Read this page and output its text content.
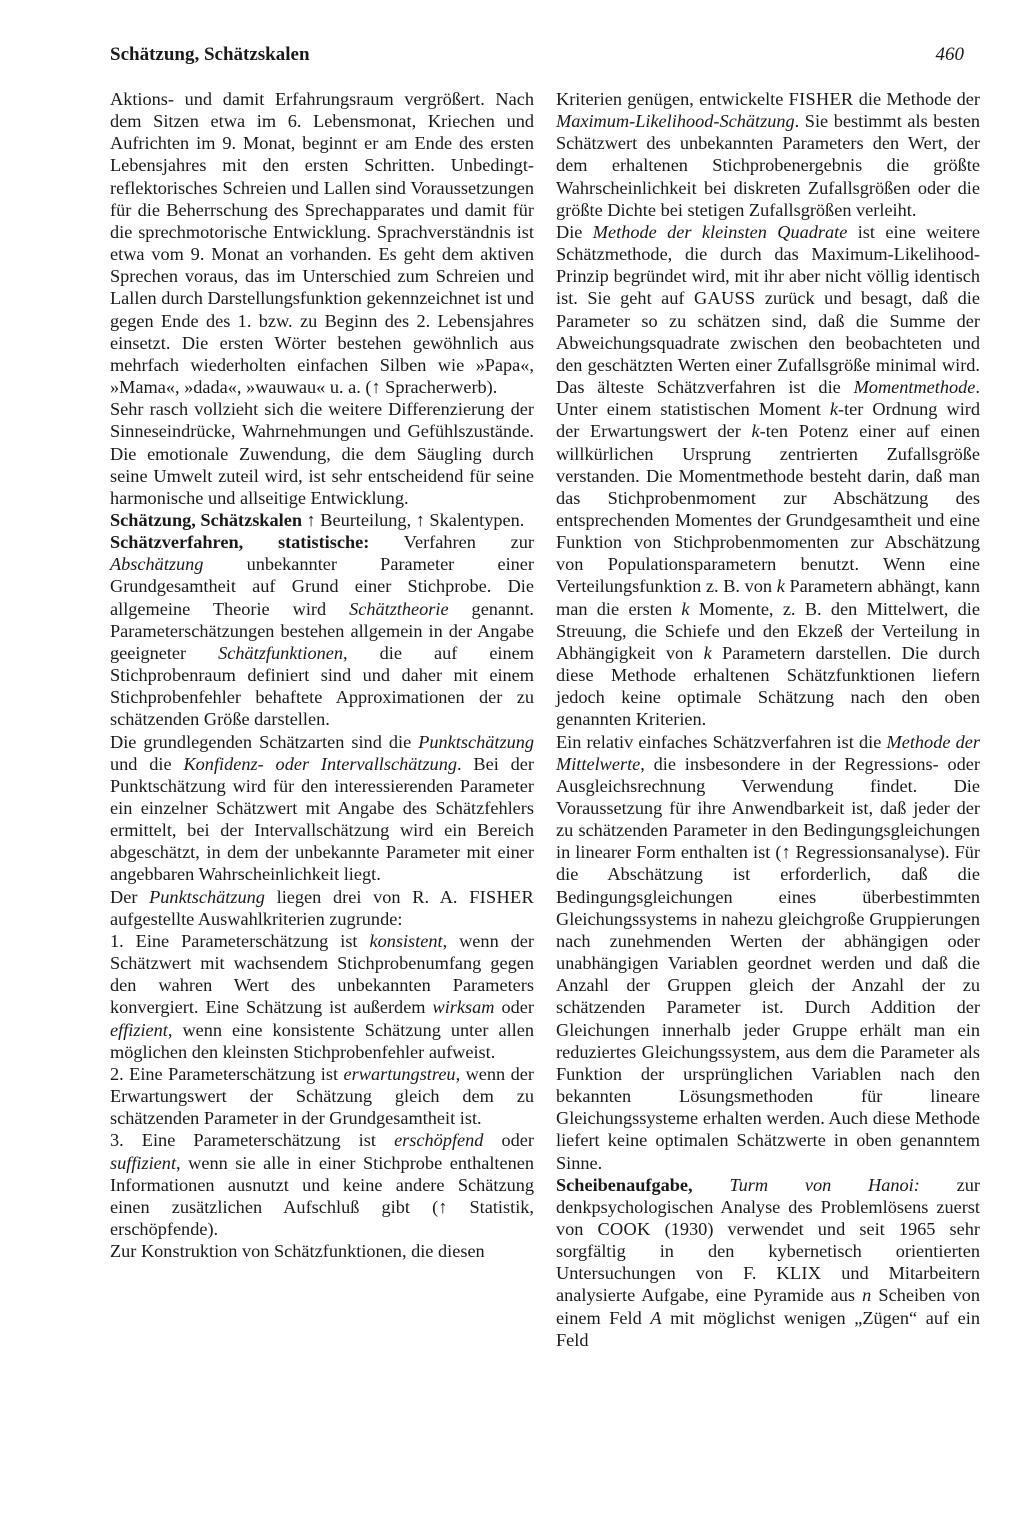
Schätzung, Schätzskalen	460

Aktions- und damit Erfahrungsraum vergrößert. Nach dem Sitzen etwa im 6. Lebensmonat, Kriechen und Aufrichten im 9. Monat, beginnt er am Ende des ersten Lebensjahres mit den ersten Schritten. Unbedingt-reflektorisches Schreien und Lallen sind Voraussetzungen für die Beherrschung des Sprechapparates und damit für die sprechmotorische Entwicklung. Sprachverständnis ist etwa vom 9. Monat an vorhanden. Es geht dem aktiven Sprechen voraus, das im Unterschied zum Schreien und Lallen durch Darstellungsfunktion gekennzeichnet ist und gegen Ende des 1. bzw. zu Beginn des 2. Lebensjahres einsetzt. Die ersten Wörter bestehen gewöhnlich aus mehrfach wiederholten einfachen Silben wie »Papa«, »Mama«, »dada«, »wauwau« u. a. (↑ Spracherwerb).

Sehr rasch vollzieht sich die weitere Differenzierung der Sinneseindrücke, Wahrnehmungen und Gefühlszustände. Die emotionale Zuwendung, die dem Säugling durch seine Umwelt zuteil wird, ist sehr entscheidend für seine harmonische und allseitige Entwicklung.

Schätzung, Schätzskalen ↑ Beurteilung, ↑ Skalentypen.

Schätzverfahren, statistische: Verfahren zur Abschätzung unbekannter Parameter einer Grundgesamtheit auf Grund einer Stichprobe. Die allgemeine Theorie wird Schätztheorie genannt. Parameterschätzungen bestehen allgemein in der Angabe geeigneter Schätzfunktionen, die auf einem Stichprobenraum definiert sind und daher mit einem Stichprobenfehler behaftete Approximationen der zu schätzenden Größe darstellen.

Die grundlegenden Schätzarten sind die Punktschätzung und die Konfidenz- oder Intervallschätzung. Bei der Punktschätzung wird für den interessierenden Parameter ein einzelner Schätzwert mit Angabe des Schätzfehlers ermittelt, bei der Intervallschätzung wird ein Bereich abgeschätzt, in dem der unbekannte Parameter mit einer angebbaren Wahrscheinlichkeit liegt.

Der Punktschätzung liegen drei von R. A. FISHER aufgestellte Auswahlkriterien zugrunde:

1. Eine Parameterschätzung ist konsistent, wenn der Schätzwert mit wachsendem Stichprobenumfang gegen den wahren Wert des unbekannten Parameters konvergiert. Eine Schätzung ist außerdem wirksam oder effizient, wenn eine konsistente Schätzung unter allen möglichen den kleinsten Stichprobenfehler aufweist.

2. Eine Parameterschätzung ist erwartungstreu, wenn der Erwartungswert der Schätzung gleich dem zu schätzenden Parameter in der Grundgesamtheit ist.

3. Eine Parameterschätzung ist erschöpfend oder suffizient, wenn sie alle in einer Stichprobe enthaltenen Informationen ausnutzt und keine andere Schätzung einen zusätzlichen Aufschluß gibt (↑ Statistik, erschöpfende).

Zur Konstruktion von Schätzfunktionen, die diesen

Kriterien genügen, entwickelte FISHER die Methode der Maximum-Likelihood-Schätzung. Sie bestimmt als besten Schätzwert des unbekannten Parameters den Wert, der dem erhaltenen Stichprobenergebnis die größte Wahrscheinlichkeit bei diskreten Zufallsgrößen oder die größte Dichte bei stetigen Zufallsgrößen verleiht.

Die Methode der kleinsten Quadrate ist eine weitere Schätzmethode, die durch das Maximum-Likelihood-Prinzip begründet wird, mit ihr aber nicht völlig identisch ist. Sie geht auf GAUSS zurück und besagt, daß die Parameter so zu schätzen sind, daß die Summe der Abweichungsquadrate zwischen den beobachteten und den geschätzten Werten einer Zufallsgröße minimal wird. Das älteste Schätzverfahren ist die Momentmethode. Unter einem statistischen Moment k-ter Ordnung wird der Erwartungswert der k-ten Potenz einer auf einen willkürlichen Ursprung zentrierten Zufallsgröße verstanden. Die Momentmethode besteht darin, daß man das Stichprobenmoment zur Abschätzung des entsprechenden Momentes der Grundgesamtheit und eine Funktion von Stichprobenmomenten zur Abschätzung von Populationsparametern benutzt. Wenn eine Verteilungsfunktion z. B. von k Parametern abhängt, kann man die ersten k Momente, z. B. den Mittelwert, die Streuung, die Schiefe und den Ekzeß der Verteilung in Abhängigkeit von k Parametern darstellen. Die durch diese Methode erhaltenen Schätzfunktionen liefern jedoch keine optimale Schätzung nach den oben genannten Kriterien.

Ein relativ einfaches Schätzverfahren ist die Methode der Mittelwerte, die insbesondere in der Regressions- oder Ausgleichsrechnung Verwendung findet. Die Voraussetzung für ihre Anwendbarkeit ist, daß jeder der zu schätzenden Parameter in den Bedingungsgleichungen in linearer Form enthalten ist (↑ Regressionsanalyse). Für die Abschätzung ist erforderlich, daß die Bedingungsgleichungen eines überbestimmten Gleichungssystems in nahezu gleichgroße Gruppierungen nach zunehmenden Werten der abhängigen oder unabhängigen Variablen geordnet werden und daß die Anzahl der Gruppen gleich der Anzahl der zu schätzenden Parameter ist. Durch Addition der Gleichungen innerhalb jeder Gruppe erhält man ein reduziertes Gleichungssystem, aus dem die Parameter als Funktion der ursprünglichen Variablen nach den bekannten Lösungsmethoden für lineare Gleichungssysteme erhalten werden. Auch diese Methode liefert keine optimalen Schätzwerte in oben genanntem Sinne.

Scheibenaufgabe, Turm von Hanoi: zur denkpsychologischen Analyse des Problemlösens zuerst von COOK (1930) verwendet und seit 1965 sehr sorgfältig in den kybernetisch orientierten Untersuchungen von F. KLIX und Mitarbeitern analysierte Aufgabe, eine Pyramide aus n Scheiben von einem Feld A mit möglichst wenigen „Zügen“ auf ein Feld
